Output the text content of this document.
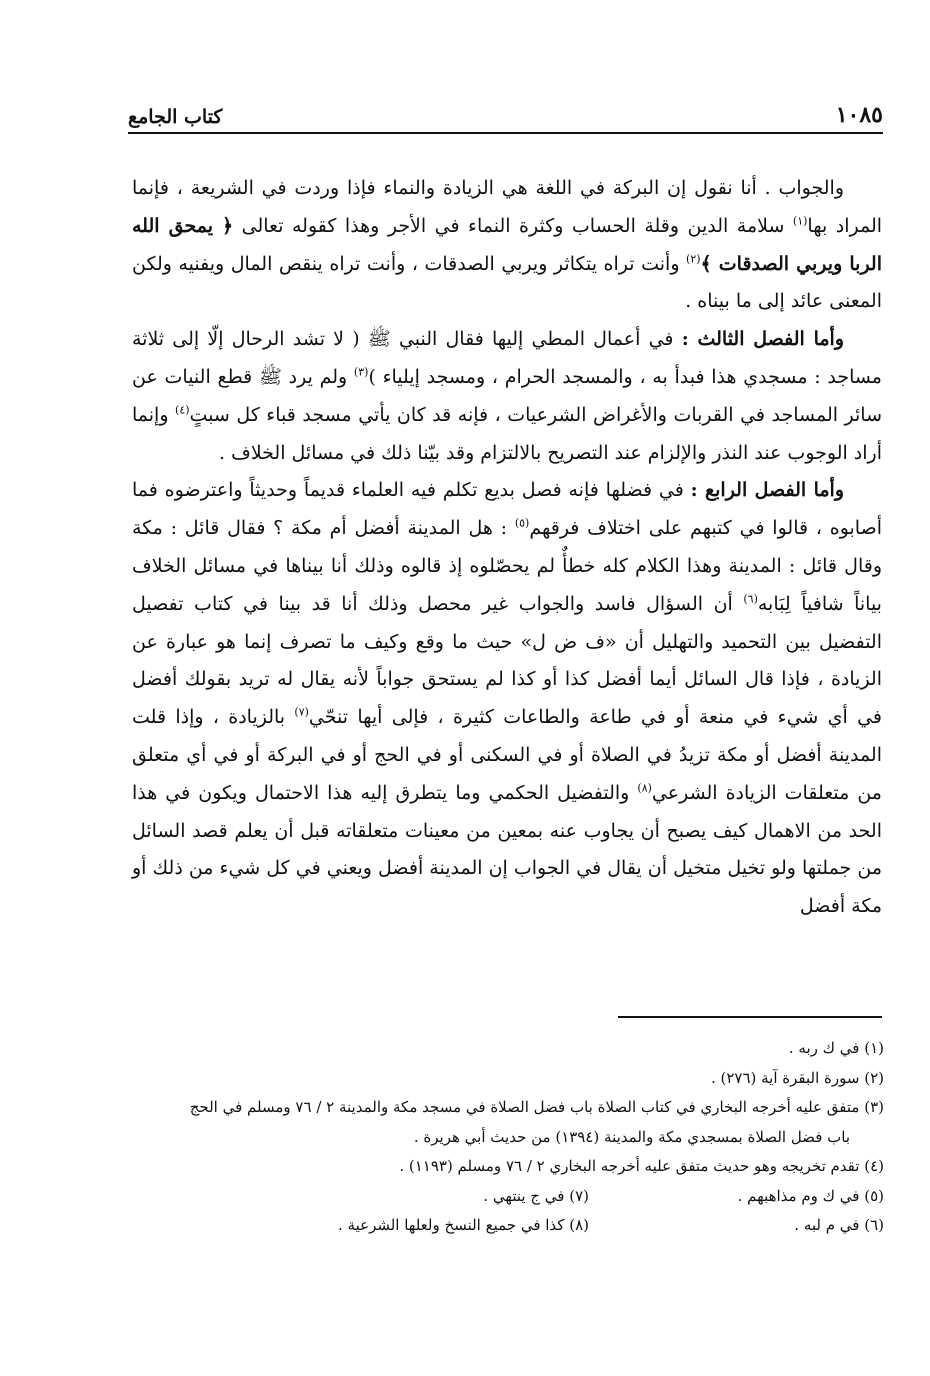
١٠٨٥
كتاب الجامع

والجواب . أنا نقول إن البركة في اللغة هي الزيادة والنماء فإذا وردت في الشريعة ، فإنما المراد بها$^{(١)}$ سلامة الدين وقلة الحساب وكثرة النماء في الأجر وهذا كقوله تعالى ﴿ يمحق الله الربا ويربي الصدقات ﴾$^{(٢)}$ وأنت تراه يتكاثر ويربي الصدقات ، وأنت تراه ينقص المال ويفنيه ولكن المعنى عائد إلى ما بيناه .

وأما الفصل الثالث : في أعمال المطي إليها فقال النبي ﷺ ( لا تشد الرحال إلّا إلى ثلاثة مساجد : مسجدي هذا فبدأ به ، والمسجد الحرام ، ومسجد إيلياء )$^{(٣)}$ ولم يرد ﷺ قطع النيات عن سائر المساجد في القربات والأغراض الشرعيات ، فإنه قد كان يأتي مسجد قباء كل سبتٍ$^{(٤)}$ وإنما أراد الوجوب عند النذر والإلزام عند التصريح بالالتزام وقد بيّنا ذلك في مسائل الخلاف .

وأما الفصل الرابع : في فضلها فإنه فصل بديع تكلم فيه العلماء قديماً وحديثاً واعترضوه فما أصابوه ، قالوا في كتبهم على اختلاف فرقهم$^{(٥)}$ : هل المدينة أفضل أم مكة ؟ فقال قائل : مكة وقال قائل : المدينة وهذا الكلام كله خطأٌ لم يحصّلوه إذ قالوه وذلك أنا بيناها في مسائل الخلاف بياناً شافياً لِبَابه$^{(٦)}$ أن السؤال فاسد والجواب غير محصل وذلك أنا قد بينا في كتاب تفصيل التفضيل بين التحميد والتهليل أن «ف ض ل» حيث ما وقع وكيف ما تصرف إنما هو عبارة عن الزيادة ، فإذا قال السائل أيما أفضل كذا أو كذا لم يستحق جواباً لأنه يقال له تريد بقولك أفضل في أي شيء في منعة أو في طاعة والطاعات كثيرة ، فإلى أيها تنحّي$^{(٧)}$ بالزيادة ، وإذا قلت المدينة أفضل أو مكة تزيدُ في الصلاة أو في السكنى أو في الحج أو في البركة أو في أي متعلق من متعلقات الزيادة الشرعي$^{(٨)}$ والتفضيل الحكمي وما يتطرق إليه هذا الاحتمال ويكون في هذا الحد من الاهمال كيف يصبح أن يجاوب عنه بمعين من معينات متعلقاته قبل أن يعلم قصد السائل من جملتها ولو تخيل متخيل أن يقال في الجواب إن المدينة أفضل ويعني في كل شيء من ذلك أو مكة أفضل

(١) في ك ربه .

(٢) سورة البقرة آية (٢٧٦) .

(٣) متفق عليه أخرجه البخاري في كتاب الصلاة باب فضل الصلاة في مسجد مكة والمدينة ٢ / ٧٦ ومسلم في الحج

باب فضل الصلاة بمسجدي مكة والمدينة (١٣٩٤) من حديث أبي هريرة .

(٤) تقدم تخريجه وهو حديث متفق عليه أخرجه البخاري ٢ / ٧٦ ومسلم (١١٩٣) .

(٥) في ك وم مذاهبهم .
(٧) في ج ينتهي .
(٦) في م لبه .
(٨) كذا في جميع النسخ ولعلها الشرعية .
